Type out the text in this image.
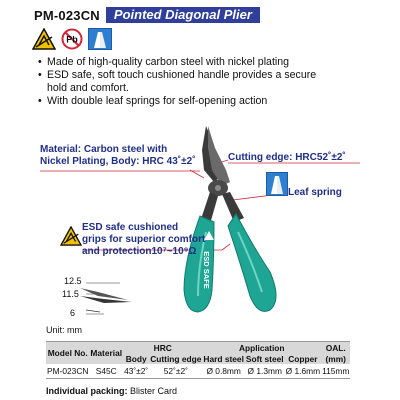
PM-023CN	Pointed Diagonal Plier
Pb
• Made of high-quality carbon steel with nickel plating
• ESD safe, soft touch cushioned handle provides a secure
hold and comfort.
• With double leaf springs for self-opening action
ESD SAFE
Cutting edge: HRC52˚±2˚
Material: Carbon steel with
Nickel Plating, Body: HRC 43˚±2˚
Leaf spring
ESD safe cushioned
grips for superior comfort
and protection10⁷~10⁹Ω
12.5
11.5
6
Unit: mm
Model No.	Material	HRC		Application			OAL.
		Body	Cutting edge	Hard steel	Soft steel	Copper	(mm)
PM-023CN	S45C	43˚±2˚	52˚±2˚	Ø 0.8mm	Ø 1.3mm	Ø 1.6mm	115mm
Individual packing: Blister Card
